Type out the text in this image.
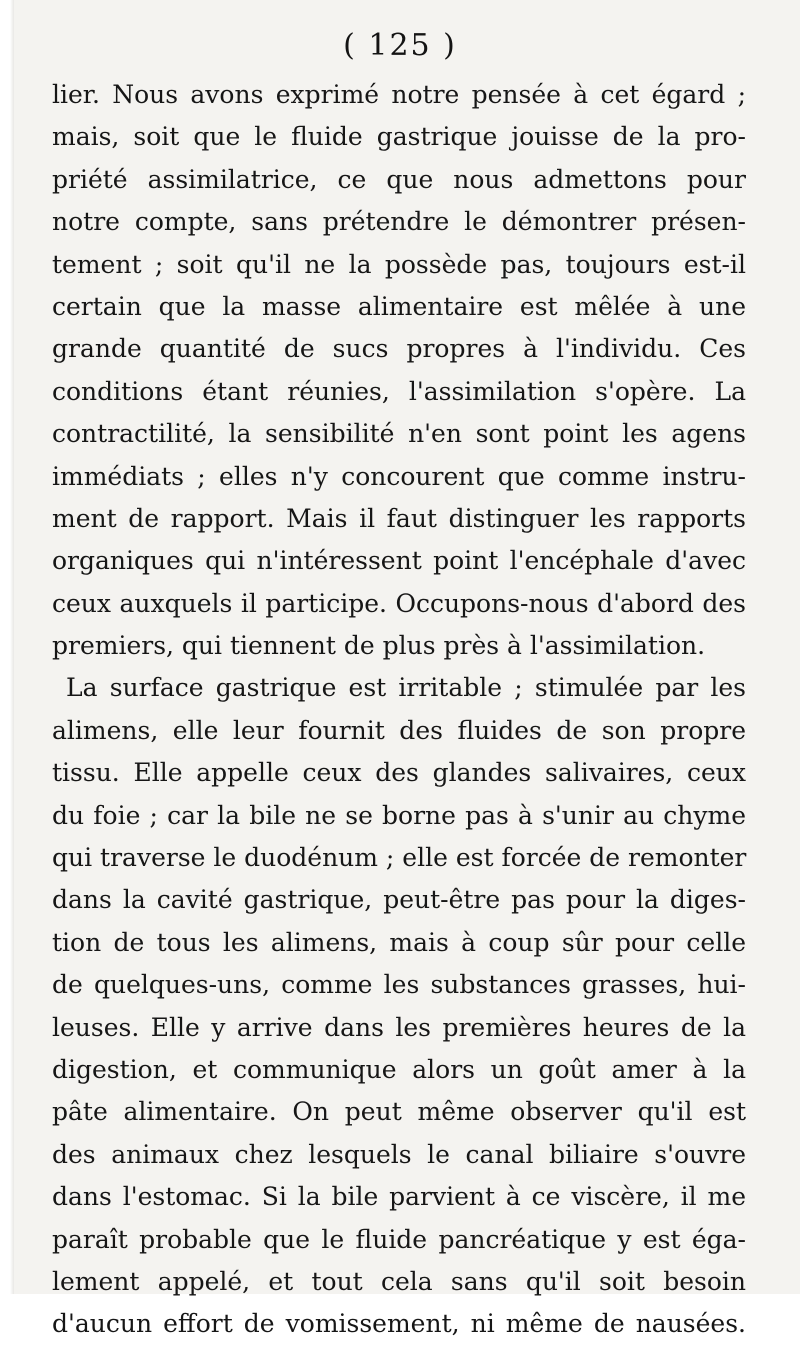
( 125 )
lier. Nous avons exprimé notre pensée à cet égard ;
mais, soit que le fluide gastrique jouisse de la pro-
priété assimilatrice, ce que nous admettons pour
notre compte, sans prétendre le démontrer présen-
tement ; soit qu'il ne la possède pas, toujours est-il
certain que la masse alimentaire est mêlée à une
grande quantité de sucs propres à l'individu. Ces
conditions étant réunies, l'assimilation s'opère. La
contractilité, la sensibilité n'en sont point les agens
immédiats ; elles n'y concourent que comme instru-
ment de rapport. Mais il faut distinguer les rapports
organiques qui n'intéressent point l'encéphale d'avec
ceux auxquels il participe. Occupons-nous d'abord des
premiers, qui tiennent de plus près à l'assimilation.
La surface gastrique est irritable ; stimulée par les
alimens, elle leur fournit des fluides de son propre
tissu. Elle appelle ceux des glandes salivaires, ceux
du foie ; car la bile ne se borne pas à s'unir au chyme
qui traverse le duodénum ; elle est forcée de remonter
dans la cavité gastrique, peut-être pas pour la diges-
tion de tous les alimens, mais à coup sûr pour celle
de quelques-uns, comme les substances grasses, hui-
leuses. Elle y arrive dans les premières heures de la
digestion, et communique alors un goût amer à la
pâte alimentaire. On peut même observer qu'il est
des animaux chez lesquels le canal biliaire s'ouvre
dans l'estomac. Si la bile parvient à ce viscère, il me
paraît probable que le fluide pancréatique y est éga-
lement appelé, et tout cela sans qu'il soit besoin
d'aucun effort de vomissement, ni même de nausées.
